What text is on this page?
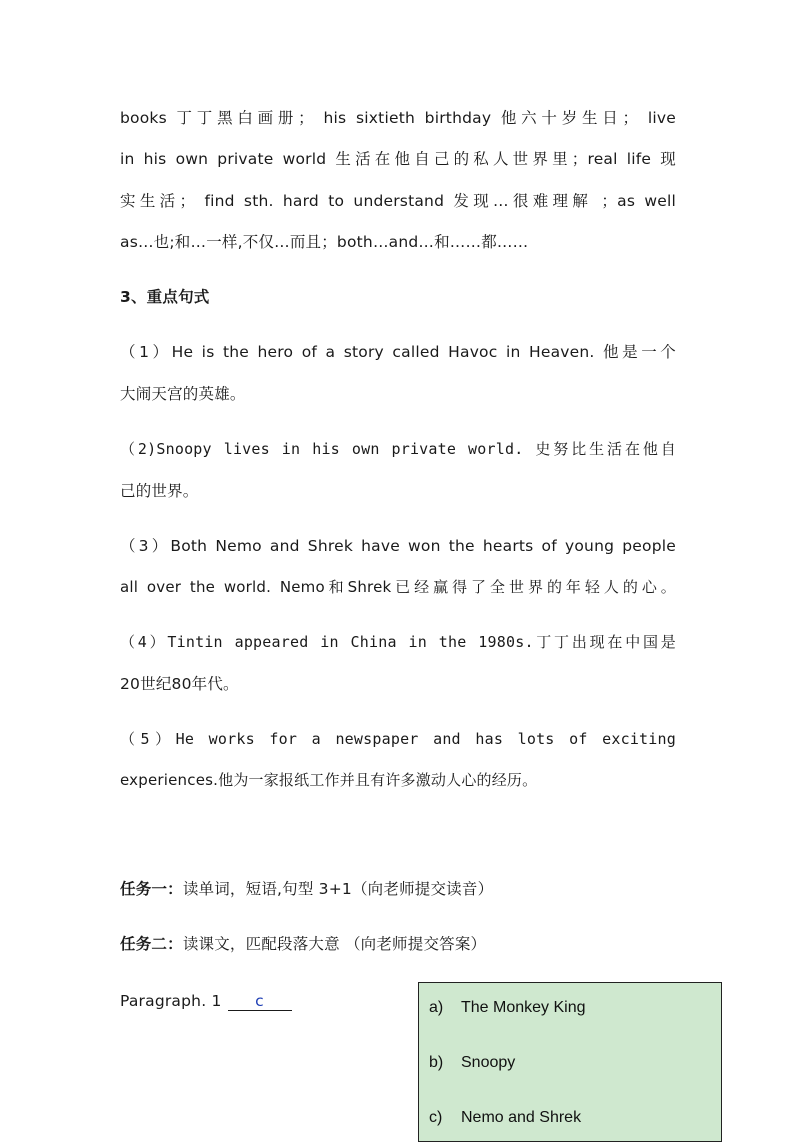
books 丁丁黑白画册； his sixtieth birthday 他六十岁生日； live
in his own private world 生活在他自己的私人世界里；real life 现
实生活； find sth. hard to understand 发现…很难理解 ；as well
as…也;和…一样,不仅…而且；both…and…和……都……
3、重点句式
（1）He is the hero of a story called Havoc in Heaven. 他是一个
大闹天宫的英雄。
（2)Snoopy lives in his own private world. 史努比生活在他自
己的世界。
（3）Both Nemo and Shrek have won the hearts of young people
all over the world. Nemo和Shrek已经赢得了全世界的年轻人的心。
（4）Tintin appeared in China in the 1980s.丁丁出现在中国是
20世纪80年代。
（5）He works for a newspaper and has lots of exciting
experiences.他为一家报纸工作并且有许多激动人心的经历。
任务一：读单词，短语,句型 3+1（向老师提交读音）
任务二：读课文，匹配段落大意 （向老师提交答案）
Paragraph. 1 c	a) The Monkey King
b) Snoopy
c) Nemo and Shrek
